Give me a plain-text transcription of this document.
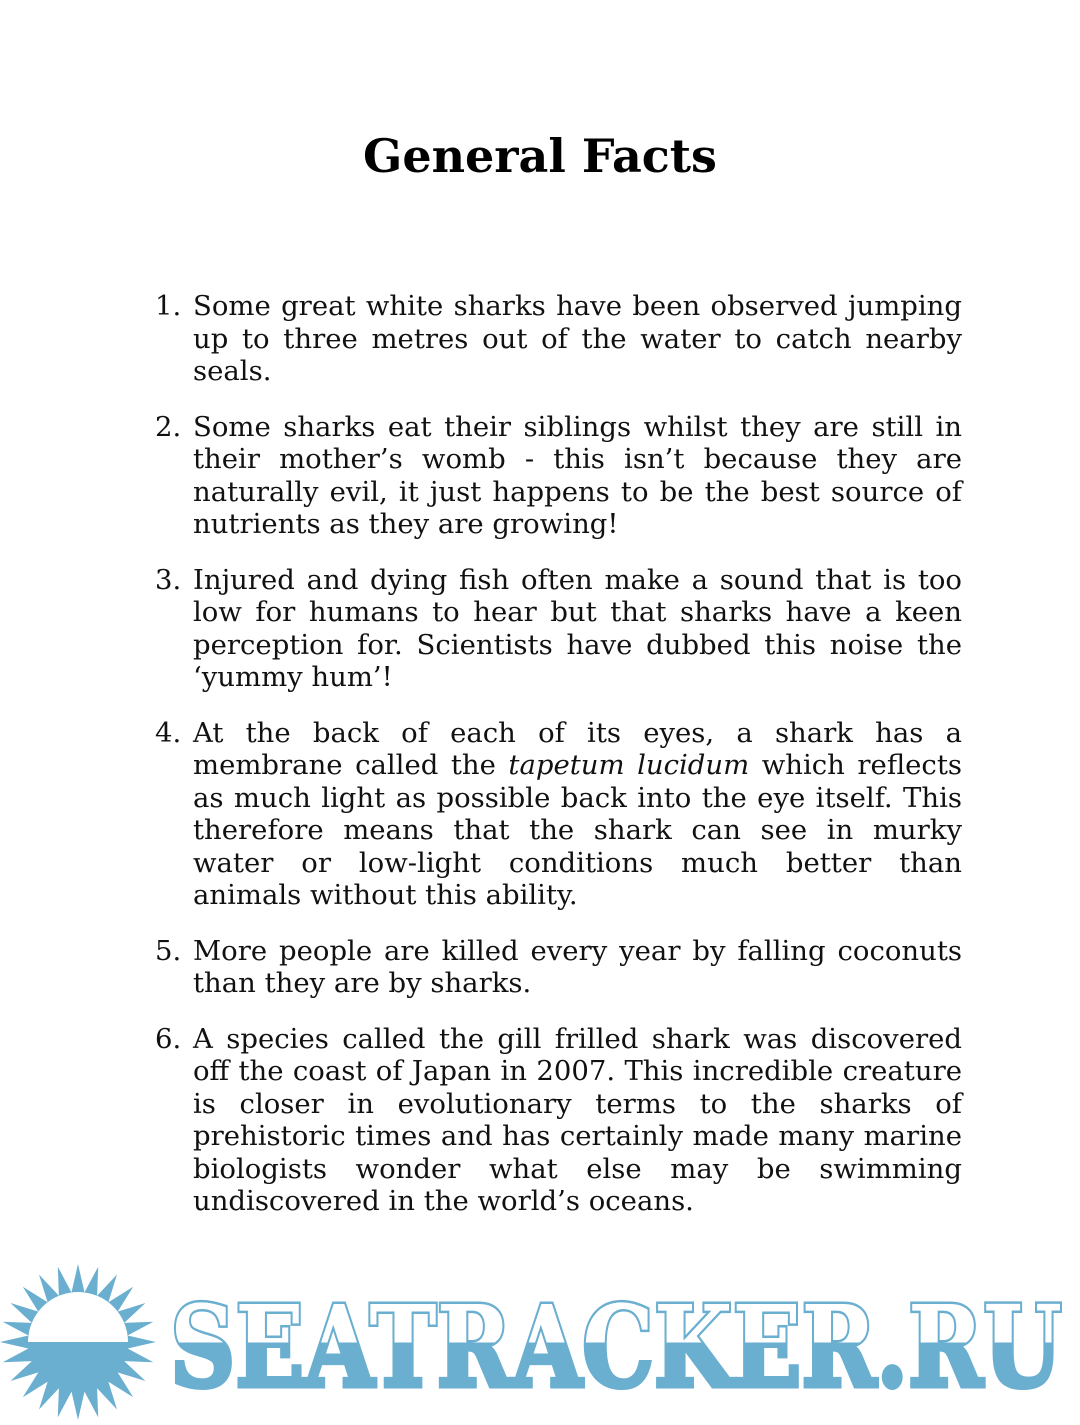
General Facts
1. Some great white sharks have been observed jumping up to three metres out of the water to catch nearby seals.
2. Some sharks eat their siblings whilst they are still in their mother’s womb - this isn’t because they are naturally evil, it just happens to be the best source of nutrients as they are growing!
3. Injured and dying fish often make a sound that is too low for humans to hear but that sharks have a keen perception for. Scientists have dubbed this noise the ‘yummy hum’!
4. At the back of each of its eyes, a shark has a membrane called the tapetum lucidum which reflects as much light as possible back into the eye itself. This therefore means that the shark can see in murky water or low-light conditions much better than animals without this ability.
5. More people are killed every year by falling coconuts than they are by sharks.
6. A species called the gill frilled shark was discovered off the coast of Japan in 2007. This incredible creature is closer in evolutionary terms to the sharks of prehistoric times and has certainly made many marine biologists wonder what else may be swimming undiscovered in the world’s oceans.
SEATRACKER.RU
